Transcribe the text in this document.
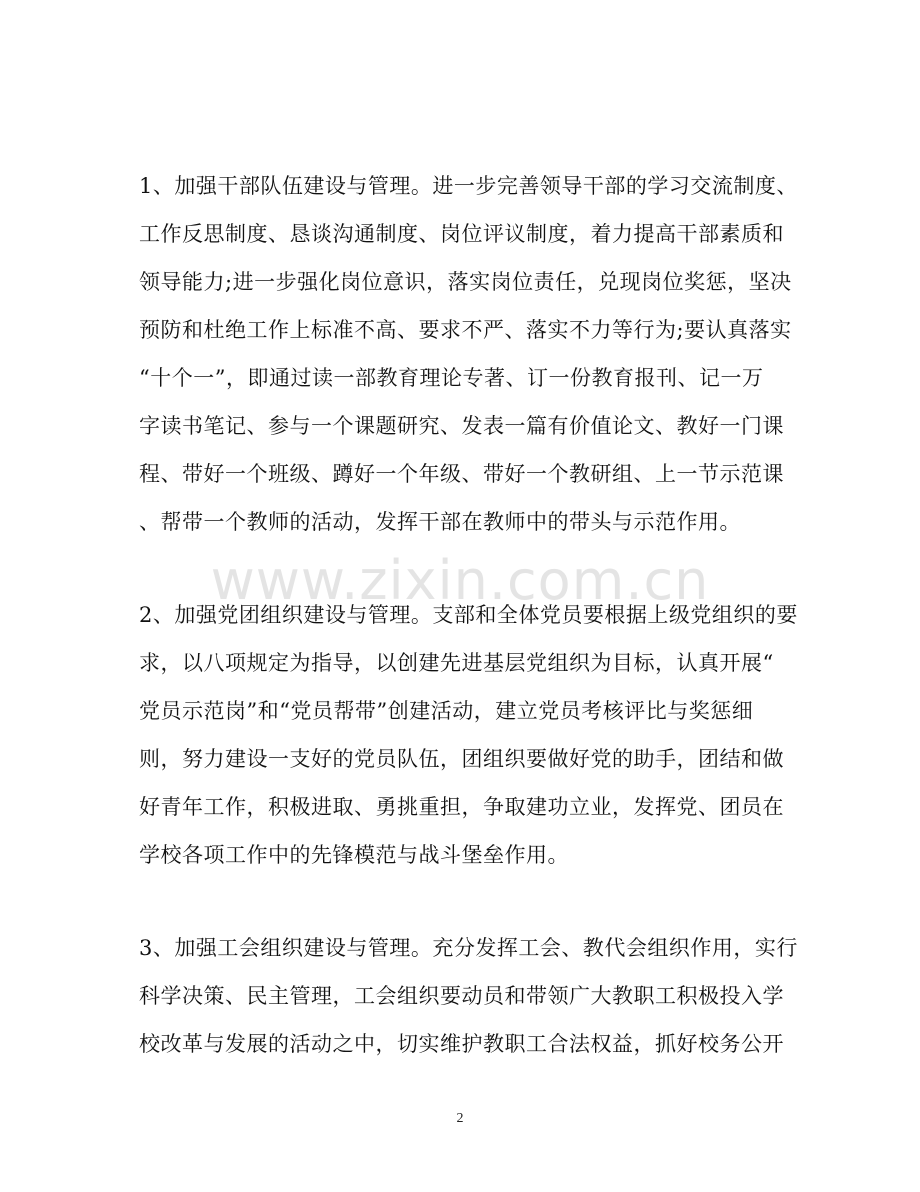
1、加强干部队伍建设与管理。进一步完善领导干部的学习交流制度、
工作反思制度、恳谈沟通制度、岗位评议制度，着力提高干部素质和
领导能力;进一步强化岗位意识，落实岗位责任，兑现岗位奖惩，坚决
预防和杜绝工作上标准不高、要求不严、落实不力等行为;要认真落实
“十个一”，即通过读一部教育理论专著、订一份教育报刊、记一万
字读书笔记、参与一个课题研究、发表一篇有价值论文、教好一门课
程、带好一个班级、蹲好一个年级、带好一个教研组、上一节示范课
、帮带一个教师的活动，发挥干部在教师中的带头与示范作用。
www.zixin.com.cn
2、加强党团组织建设与管理。支部和全体党员要根据上级党组织的要
求，以八项规定为指导，以创建先进基层党组织为目标，认真开展“
党员示范岗”和“党员帮带”创建活动，建立党员考核评比与奖惩细
则，努力建设一支好的党员队伍，团组织要做好党的助手，团结和做
好青年工作，积极进取、勇挑重担，争取建功立业，发挥党、团员在
学校各项工作中的先锋模范与战斗堡垒作用。
3、加强工会组织建设与管理。充分发挥工会、教代会组织作用，实行
科学决策、民主管理，工会组织要动员和带领广大教职工积极投入学
校改革与发展的活动之中，切实维护教职工合法权益，抓好校务公开
2
